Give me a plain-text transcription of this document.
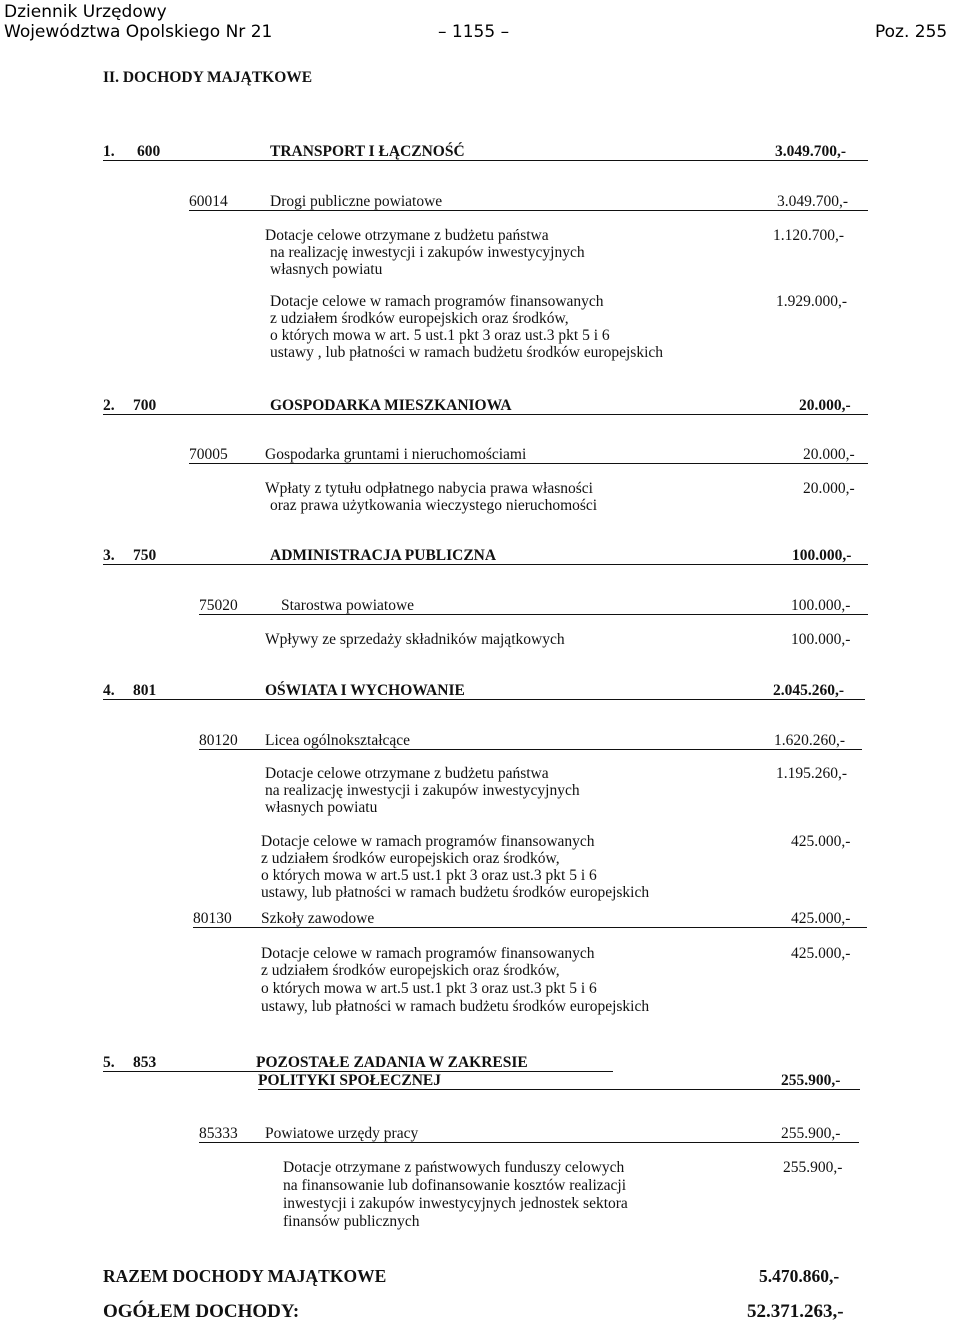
Dziennik Urzędowy
Województwa Opolskiego Nr 21	– 1155 –	Poz. 255
II. DOCHODY MAJĄTKOWE
1. 600	TRANSPORT I ŁĄCZNOŚĆ	3.049.700,-
60014	Drogi publiczne powiatowe	3.049.700,-
Dotacje celowe otrzymane z budżetu państwa	1.120.700,-
na realizację inwestycji i zakupów inwestycyjnych
własnych powiatu
Dotacje celowe w ramach programów finansowanych	1.929.000,-
z udziałem środków europejskich oraz środków,
o których mowa w art. 5 ust.1 pkt 3 oraz ust.3 pkt 5 i 6
ustawy , lub płatności w ramach budżetu środków europejskich
2. 700	GOSPODARKA MIESZKANIOWA	20.000,-
70005 Gospodarka gruntami i nieruchomościami	20.000,-
Wpłaty z tytułu odpłatnego nabycia prawa własności	20.000,-
oraz prawa użytkowania wieczystego nieruchomości
3. 750	ADMINISTRACJA PUBLICZNA	100.000,-
75020	Starostwa powiatowe	100.000,-
Wpływy ze sprzedaży składników majątkowych	100.000,-
4. 801	OŚWIATA I WYCHOWANIE	2.045.260,-
80120 Licea ogólnokształcące	1.620.260,-
Dotacje celowe otrzymane z budżetu państwa	1.195.260,-
na realizację inwestycji i zakupów inwestycyjnych
własnych powiatu
Dotacje celowe w ramach programów finansowanych	425.000,-
z udziałem środków europejskich oraz środków,
o których mowa w art.5 ust.1 pkt 3 oraz ust.3 pkt 5 i 6
ustawy, lub płatności w ramach budżetu środków europejskich
80130 Szkoły zawodowe	425.000,-
Dotacje celowe w ramach programów finansowanych	425.000,-
z udziałem środków europejskich oraz środków,
o których mowa w art.5 ust.1 pkt 3 oraz ust.3 pkt 5 i 6
ustawy, lub płatności w ramach budżetu środków europejskich
5. 853	POZOSTAŁE ZADANIA W ZAKRESIE
POLITYKI SPOŁECZNEJ	255.900,-
85333 Powiatowe urzędy pracy	255.900,-
Dotacje otrzymane z państwowych funduszy celowych	255.900,-
na finansowanie lub dofinansowanie kosztów realizacji
inwestycji i zakupów inwestycyjnych jednostek sektora
finansów publicznych
RAZEM DOCHODY MAJĄTKOWE	5.470.860,-
OGÓŁEM DOCHODY:	52.371.263,-
